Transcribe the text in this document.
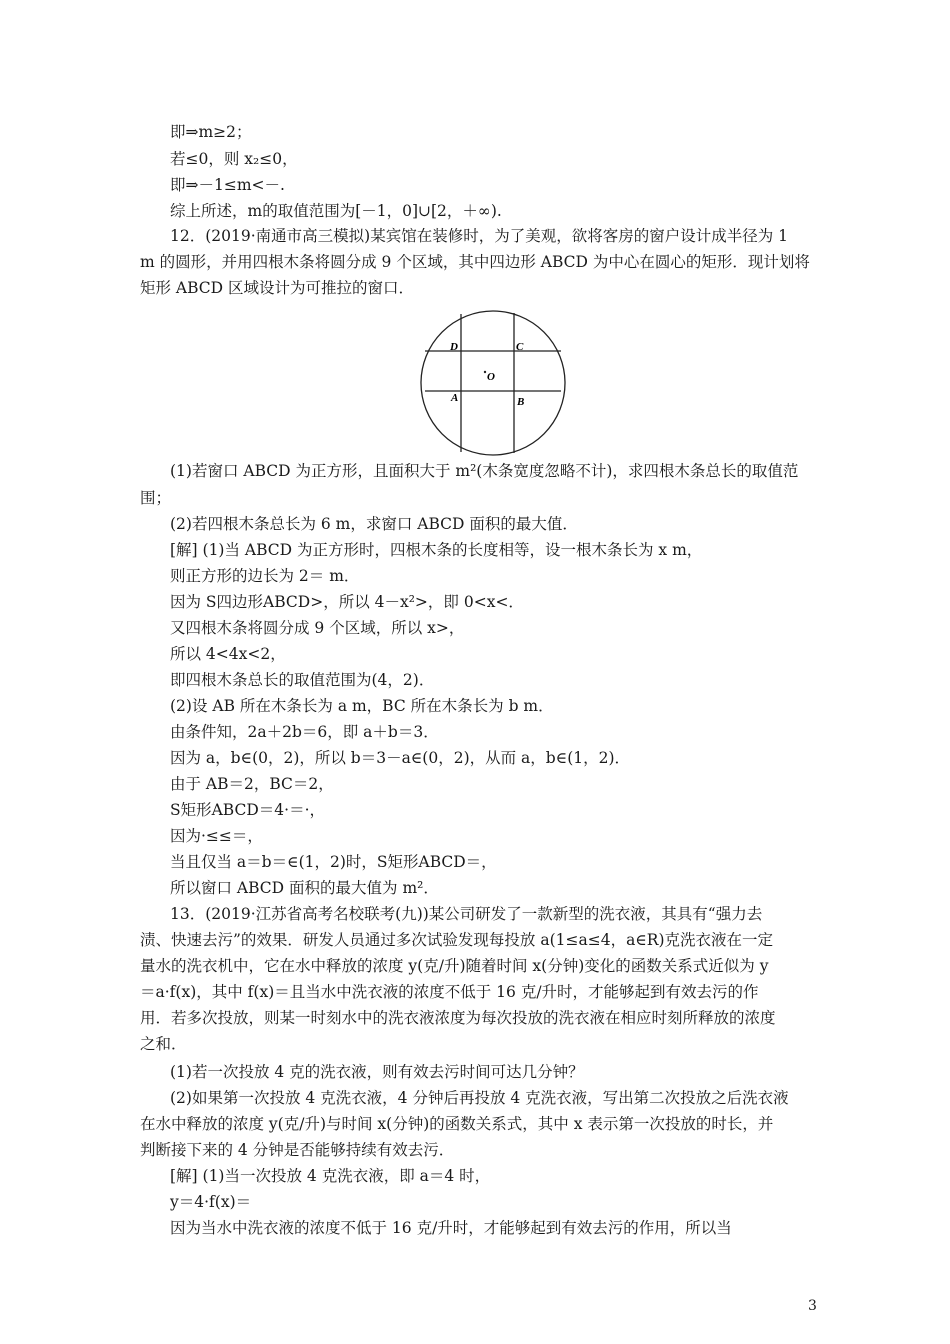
即⇒m≥2；
若≤0，则 x₂≤0，
即⇒－1≤m<－.
综上所述，m的取值范围为[－1，0]∪[2，＋∞).
12．(2019·南通市高三模拟)某宾馆在装修时，为了美观，欲将客房的窗户设计成半径为 1
m 的圆形，并用四根木条将圆分成 9 个区域，其中四边形 ABCD 为中心在圆心的矩形．现计划将
矩形 ABCD 区域设计为可推拉的窗口．
D	C
O
A	B
(1)若窗口 ABCD 为正方形，且面积大于 m²(木条宽度忽略不计)，求四根木条总长的取值范
围；
(2)若四根木条总长为 6 m，求窗口 ABCD 面积的最大值．
[解] (1)当 ABCD 为正方形时，四根木条的长度相等，设一根木条长为 x m，
则正方形的边长为 2＝ m．
因为 S四边形ABCD>，所以 4－x²>，即 0<x<．
又四根木条将圆分成 9 个区域，所以 x>，
所以 4<4x<2，
即四根木条总长的取值范围为(4，2)．
(2)设 AB 所在木条长为 a m，BC 所在木条长为 b m．
由条件知，2a＋2b＝6，即 a＋b＝3．
因为 a，b∈(0，2)，所以 b＝3－a∈(0，2)，从而 a，b∈(1，2)．
由于 AB＝2，BC＝2，
S矩形ABCD＝4·＝·，
因为·≤≤＝，
当且仅当 a＝b＝∈(1，2)时，S矩形ABCD＝，
所以窗口 ABCD 面积的最大值为 m²．
13．(2019·江苏省高考名校联考(九))某公司研发了一款新型的洗衣液，其具有“强力去
渍、快速去污”的效果．研发人员通过多次试验发现每投放 a(1≤a≤4，a∈R)克洗衣液在一定
量水的洗衣机中，它在水中释放的浓度 y(克/升)随着时间 x(分钟)变化的函数关系式近似为 y
＝a·f(x)，其中 f(x)＝且当水中洗衣液的浓度不低于 16 克/升时，才能够起到有效去污的作
用．若多次投放，则某一时刻水中的洗衣液浓度为每次投放的洗衣液在相应时刻所释放的浓度
之和．
(1)若一次投放 4 克的洗衣液，则有效去污时间可达几分钟？
(2)如果第一次投放 4 克洗衣液，4 分钟后再投放 4 克洗衣液，写出第二次投放之后洗衣液
在水中释放的浓度 y(克/升)与时间 x(分钟)的函数关系式，其中 x 表示第一次投放的时长，并
判断接下来的 4 分钟是否能够持续有效去污．
[解] (1)当一次投放 4 克洗衣液，即 a＝4 时，
y＝4·f(x)＝
因为当水中洗衣液的浓度不低于 16 克/升时，才能够起到有效去污的作用，所以当
3
